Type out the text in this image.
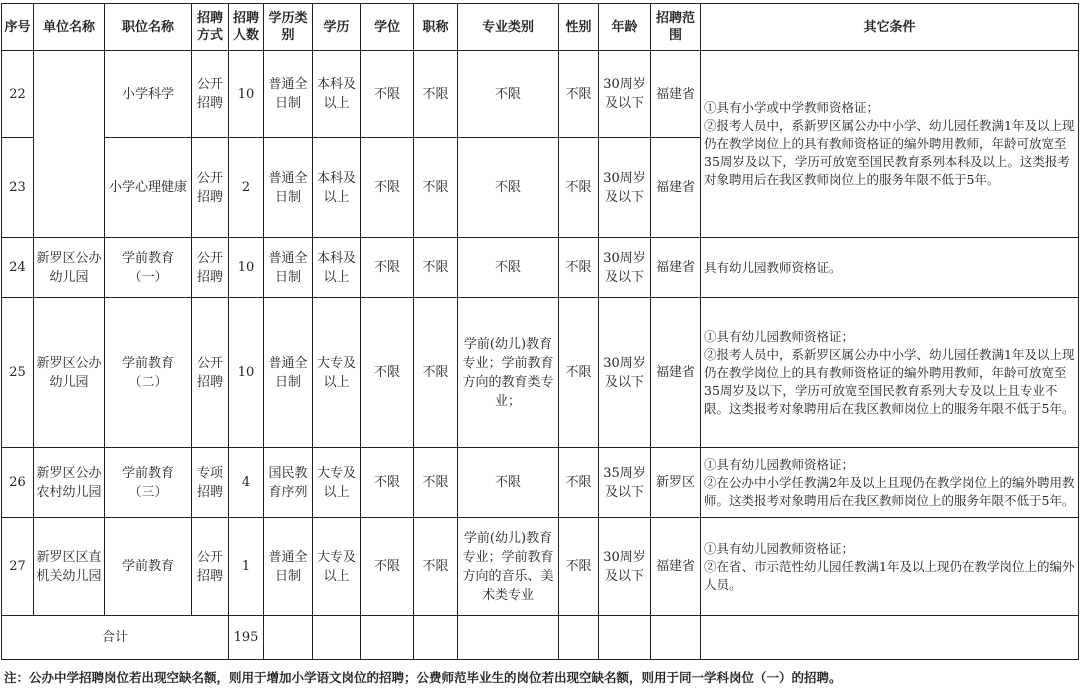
序号	单位名称	职位名称	招聘方式	招聘人数	学历类别	学历	学位	职称	专业类别	性别	年龄	招聘范围	其它条件
22		小学科学	公开招聘	10	普通全日制	本科及以上	不限	不限	不限	不限	30周岁及以下	福建省	①具有小学或中学教师资格证；
②报考人员中，系新罗区属公办中小学、幼儿园任教满1年及以上现仍在教学岗位上的具有教师资格证的编外聘用教师，年龄可放宽至35周岁及以下，学历可放宽至国民教育系列本科及以上。这类报考对象聘用后在我区教师岗位上的服务年限不低于5年。
23		小学心理健康	公开招聘	2	普通全日制	本科及以上	不限	不限	不限	不限	30周岁及以下	福建省	
24	新罗区公办幼儿园	学前教育（一）	公开招聘	10	普通全日制	本科及以上	不限	不限	不限	不限	30周岁及以下	福建省	具有幼儿园教师资格证。
25	新罗区公办幼儿园	学前教育（二）	公开招聘	10	普通全日制	大专及以上	不限	不限	学前(幼儿)教育专业；学前教育方向的教育类专业；	不限	30周岁及以下	福建省	①具有幼儿园教师资格证；
②报考人员中，系新罗区属公办中小学、幼儿园任教满1年及以上现仍在教学岗位上的具有教师资格证的编外聘用教师，年龄可放宽至35周岁及以下，学历可放宽至国民教育系列大专及以上且专业不限。这类报考对象聘用后在我区教师岗位上的服务年限不低于5年。
26	新罗区公办农村幼儿园	学前教育（三）	专项招聘	4	国民教育序列	大专及以上	不限	不限	不限	不限	35周岁及以下	新罗区	①具有幼儿园教师资格证；
②在公办中小学任教满2年及以上且现仍在教学岗位上的编外聘用教师。这类报考对象聘用后在我区教师岗位上的服务年限不低于5年。
27	新罗区区直机关幼儿园	学前教育	公开招聘	1	普通全日制	大专及以上	不限	不限	学前(幼儿)教育专业；学前教育方向的音乐、美术类专业	不限	30周岁及以下	福建省	①具有幼儿园教师资格证；
②在省、市示范性幼儿园任教满1年及以上现仍在教学岗位上的编外人员。
合计				195									
注：公办中学招聘岗位若出现空缺名额，则用于增加小学语文岗位的招聘；公费师范毕业生的岗位若出现空缺名额，则用于同一学科岗位（一）的招聘。
